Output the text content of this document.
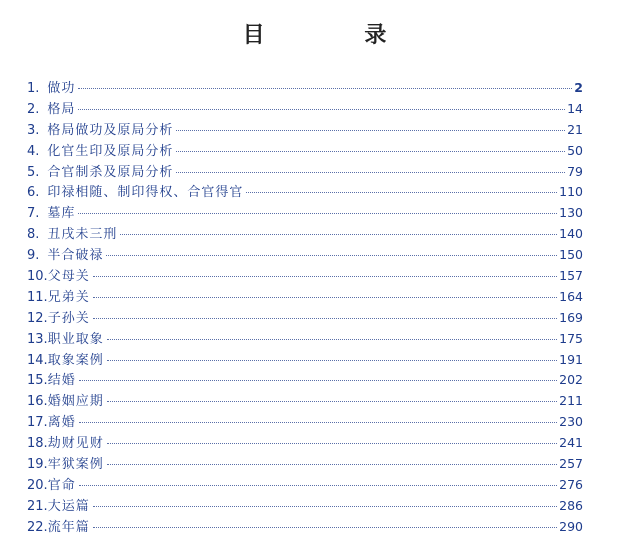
目 录
1. 做功	2
2. 格局	14
3. 格局做功及原局分析	21
4. 化官生印及原局分析	50
5. 合官制杀及原局分析	79
6. 印禄相随、制印得权、合官得官	110
7. 墓库	130
8. 丑戌未三刑	140
9. 半合破禄	150
10. 父母关	157
11. 兄弟关	164
12. 子孙关	169
13. 职业取象	175
14. 取象案例	191
15. 结婚	202
16. 婚姻应期	211
17. 离婚	230
18. 劫财见财	241
19. 牢狱案例	257
20. 官命	276
21. 大运篇	286
22. 流年篇	290
